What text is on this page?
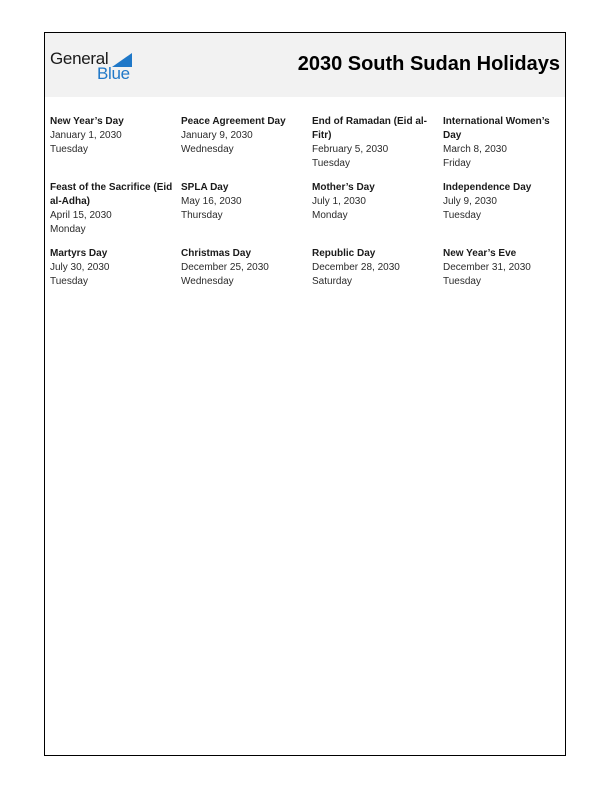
General
Blue	2030 South Sudan Holidays
New Year’s Day
January 1, 2030
Tuesday
Peace Agreement Day
January 9, 2030
Wednesday
End of Ramadan (Eid al-Fitr)
February 5, 2030
Tuesday
International Women’s Day
March 8, 2030
Friday
Feast of the Sacrifice (Eid al-Adha)
April 15, 2030
Monday
SPLA Day
May 16, 2030
Thursday
Mother’s Day
July 1, 2030
Monday
Independence Day
July 9, 2030
Tuesday
Martyrs Day
July 30, 2030
Tuesday
Christmas Day
December 25, 2030
Wednesday
Republic Day
December 28, 2030
Saturday
New Year’s Eve
December 31, 2030
Tuesday
